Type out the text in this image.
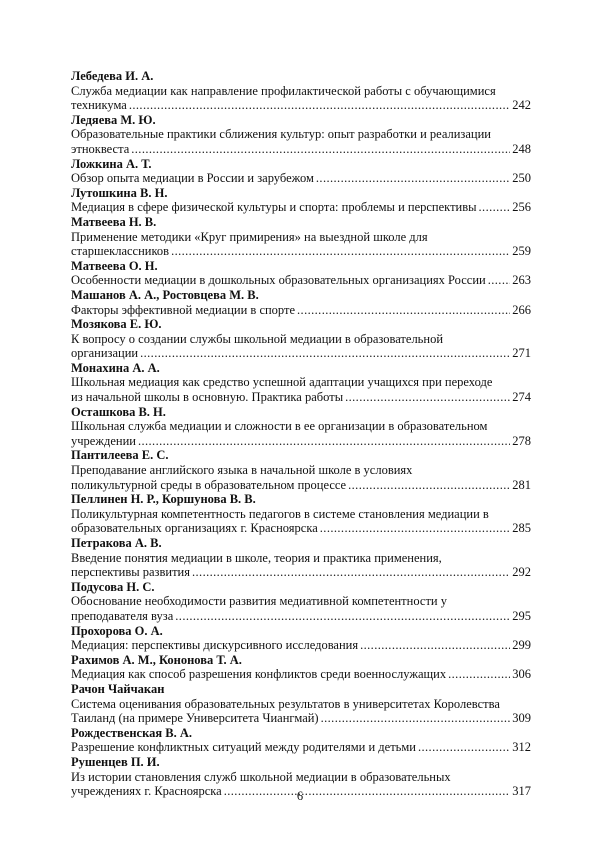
Лебедева И. А.
Служба медиации как направление профилактической работы с обучающимися
техникума .....	242
Ледяева М. Ю.
Образовательные практики сближения культур: опыт разработки и реализации
этноквеста .....	248
Ложкина А. Т.
Обзор опыта медиации в России и зарубежом .....	250
Лутошкина В. Н.
Медиация в сфере физической культуры и спорта: проблемы и перспективы .....	256
Матвеева Н. В.
Применение методики «Круг примирения» на выездной школе для
старшеклассников .....	259
Матвеева О. Н.
Особенности медиации в дошкольных образовательных организациях России ..... 263
Машанов А. А., Ростовцева М. В.
Факторы эффективной медиации в спорте .....	266
Мозякова Е. Ю.
К вопросу о создании службы школьной медиации в образовательной
организации .....	271
Монахина А. А.
Школьная медиация как средство успешной адаптации учащихся при переходе
из начальной школы в основную. Практика работы .....	274
Осташкова В. Н.
Школьная служба медиации и сложности в ее организации в образовательном
учреждении .....	278
Пантилеева Е. С.
Преподавание английского языка в начальной школе в условиях
поликультурной среды в образовательном процессе .....	281
Пеллинен Н. Р., Коршунова В. В.
Поликультурная компетентность педагогов в системе становления медиации в
образовательных организациях г. Красноярска .....	285
Петракова А. В.
Введение понятия медиации в школе, теория и практика применения,
перспективы развития .....	292
Подусова Н. С.
Обоснование необходимости развития медиативной компетентности у
преподавателя вуза .....	295
Прохорова О. А.
Медиация: перспективы дискурсивного исследования .....	299
Рахимов А. М., Кононова Т. А.
Медиация как способ разрешения конфликтов среди военнослужащих .....	306
Рачон Чайчакан
Система оценивания образовательных результатов в университетах Королевства
Таиланд (на примере Университета Чиангмай) .....	309
Рождественская В. А.
Разрешение конфликтных ситуаций между родителями и детьми .....	312
Рушенцев П. И.
Из истории становления служб школьной медиации в образовательных
учреждениях г. Красноярска .....	317
6
